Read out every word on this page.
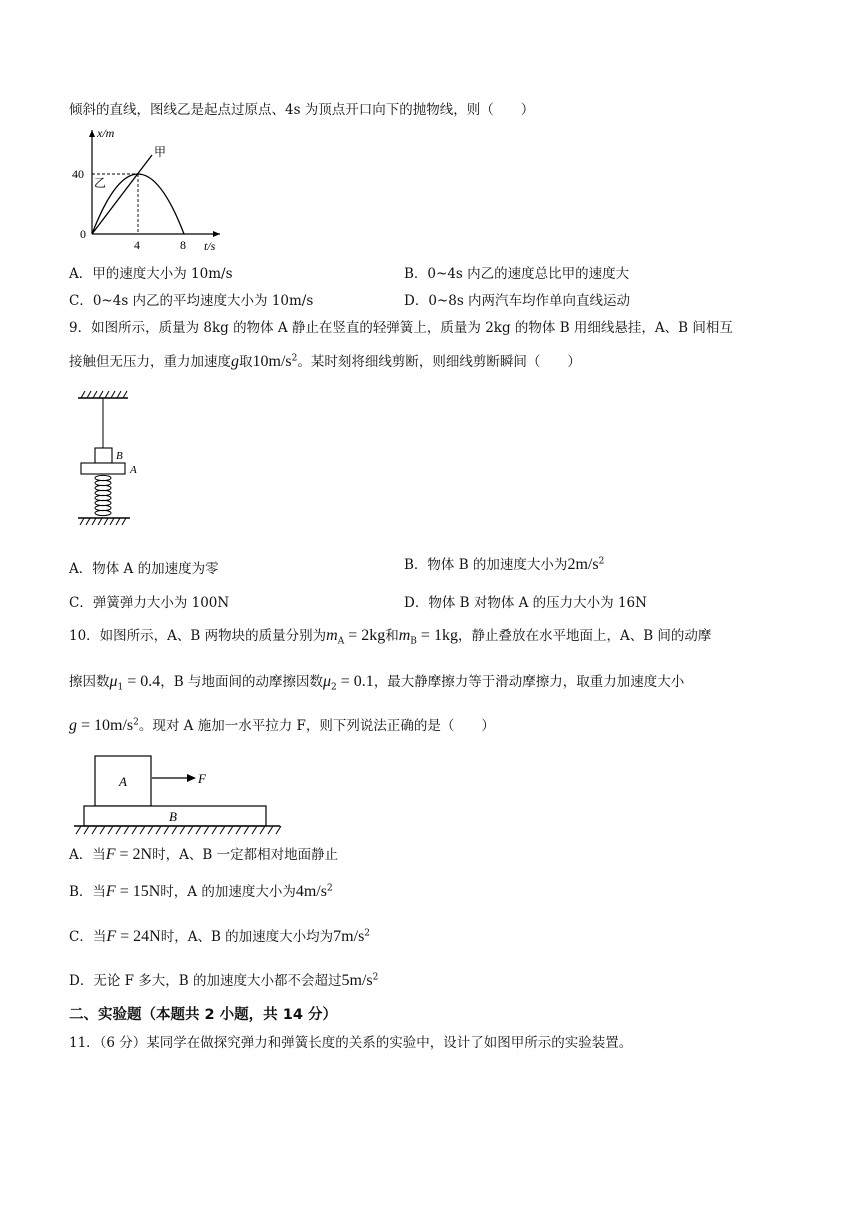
倾斜的直线，图线乙是起点过原点、4s 为顶点开口向下的抛物线，则（　　）
x/m
t/s
40
0
4	8
甲
乙
A．甲的速度大小为 10m/s	B．0~4s 内乙的速度总比甲的速度大
C．0~4s 内乙的平均速度大小为 10m/s	D．0~8s 内两汽车均作单向直线运动
9．如图所示，质量为 8kg 的物体 A 静止在竖直的轻弹簧上，质量为 2kg 的物体 B 用细线悬挂，A、B 间相互
接触但无压力，重力加速度g取$10m/s^2$。某时刻将细线剪断，则细线剪断瞬间（　　）
B
A
A．物体 A 的加速度为零	B．物体 B 的加速度大小为$2m/s^2$
C．弹簧弹力大小为 100N	D．物体 B 对物体 A 的压力大小为 16N
10．如图所示，A、B 两物块的质量分别为$m_A = 2kg$和$m_B = 1kg$，静止叠放在水平地面上，A、B 间的动摩
擦因数$\mu_1 = 0.4$，B 与地面间的动摩擦因数$\mu_2 = 0.1$，最大静摩擦力等于滑动摩擦力，取重力加速度大小
$g = 10m/s^2$。现对 A 施加一水平拉力 F，则下列说法正确的是（　　）
A
B
F
A．当F = 2N时，A、B 一定都相对地面静止
B．当F = 15N时，A 的加速度大小为$4m/s^2$
C．当F = 24N时，A、B 的加速度大小均为$7m/s^2$
D．无论 F 多大，B 的加速度大小都不会超过$5m/s^2$
二、实验题（本题共 2 小题，共 14 分）
11．（6 分）某同学在做探究弹力和弹簧长度的关系的实验中，设计了如图甲所示的实验装置。
